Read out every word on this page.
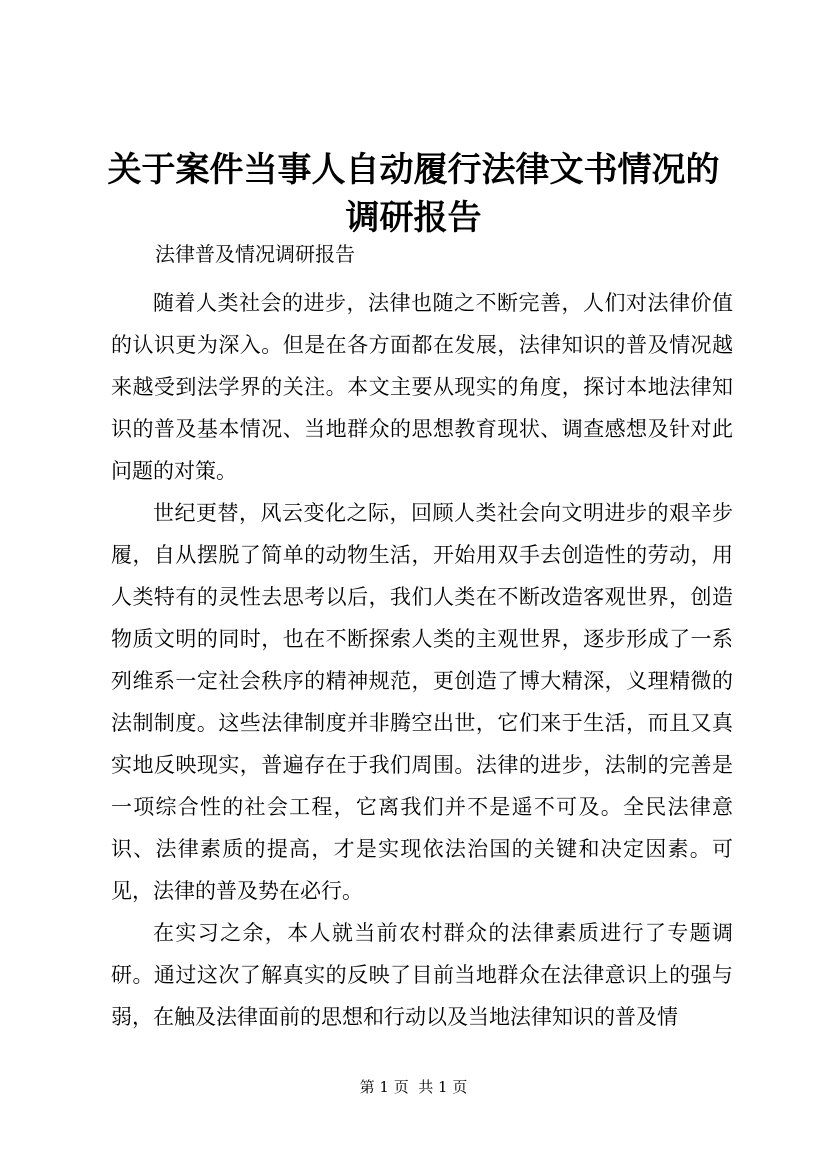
关于案件当事人自动履行法律文书情况的调研报告
法律普及情况调研报告

随着人类社会的进步，法律也随之不断完善，人们对法律价值的认识更为深入。但是在各方面都在发展，法律知识的普及情况越来越受到法学界的关注。本文主要从现实的角度，探讨本地法律知识的普及基本情况、当地群众的思想教育现状、调查感想及针对此问题的对策。

世纪更替，风云变化之际，回顾人类社会向文明进步的艰辛步履，自从摆脱了简单的动物生活，开始用双手去创造性的劳动，用人类特有的灵性去思考以后，我们人类在不断改造客观世界，创造物质文明的同时，也在不断探索人类的主观世界，逐步形成了一系列维系一定社会秩序的精神规范，更创造了博大精深，义理精微的法制制度。这些法律制度并非腾空出世，它们来于生活，而且又真实地反映现实，普遍存在于我们周围。法律的进步，法制的完善是一项综合性的社会工程，它离我们并不是遥不可及。全民法律意识、法律素质的提高，才是实现依法治国的关键和决定因素。可见，法律的普及势在必行。

在实习之余，本人就当前农村群众的法律素质进行了专题调研。通过这次了解真实的反映了目前当地群众在法律意识上的强与弱，在触及法律面前的思想和行动以及当地法律知识的普及情

第 1 页  共 1 页
